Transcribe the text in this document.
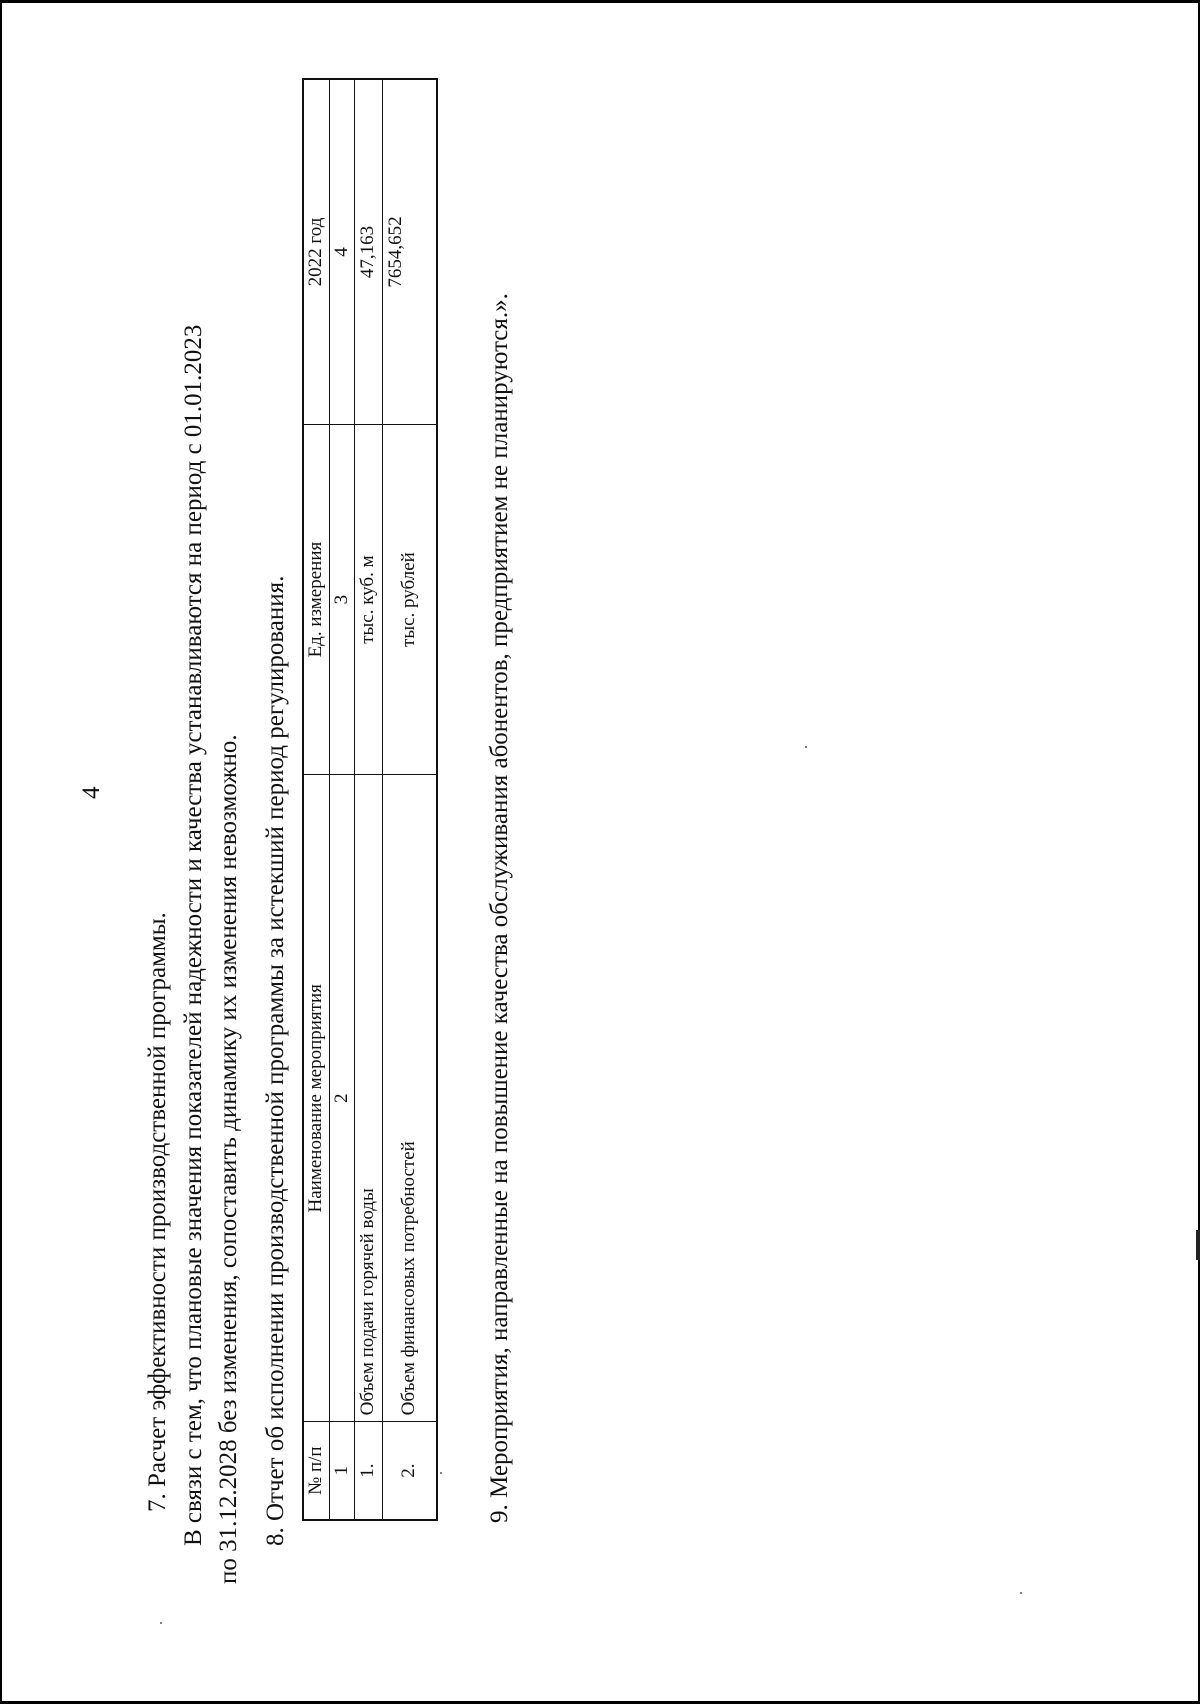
4
7. Расчет эффективности производственной программы. В связи с тем, что плановые значения показателей надежности и качества устанавливаются на период с 01.01.2023 по 31.12.2028 без изменения, сопоставить динамику их изменения невозможно. 8. Отчет об исполнении производственной программы за истекший период регулирования. № п/п	Наименование мероприятия	Ед. измерения	2022 год
1	2	3	4
1.	Объем подачи горячей воды	тыс. куб. м	47,163
2.	Объем финансовых потребностей	тыс. рублей	7654,652
9. Мероприятия, направленные на повышение качества обслуживания абонентов, предприятием не планируются.».
